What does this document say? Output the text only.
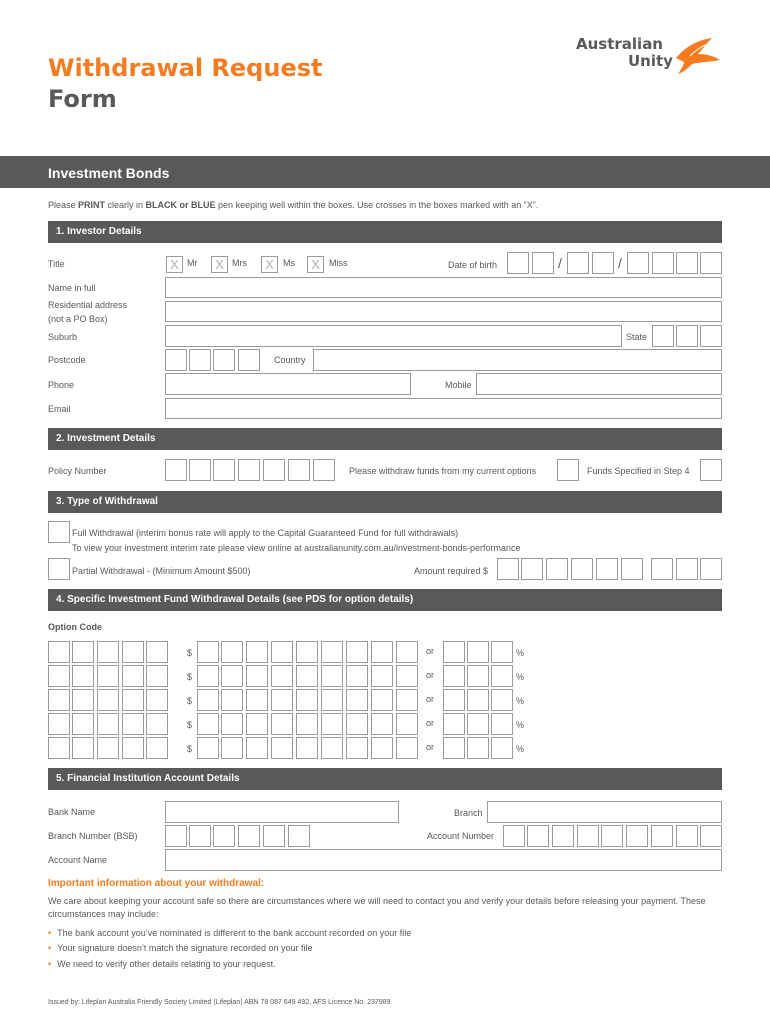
Withdrawal Request
Form
Australian
Unity
Investment Bonds
Please PRINT clearly in BLACK or BLUE pen keeping well within the boxes. Use crosses in the boxes marked with an “X”.
1. Investor Details
Title	X Mr	X Mrs	X	Ms	X	Miss	Date of birth	/	/
Name in full
Residential address
(not a PO Box)
Suburb	State
Postcode	Country
Phone	Mobile
Email
2. Investment Details
Policy Number	Please withdraw funds from my current options	Funds Specified in Step 4
3. Type of Withdrawal
Full Withdrawal (interim bonus rate will apply to the Capital Guaranteed Fund for full withdrawals)
To view your investment interim rate please view online at australianunity.com.au/investment-bonds-performance
Partial Withdrawal - (Minimum Amount $500)	Amount required $
4. Specific Investment Fund Withdrawal Details (see PDS for option details)
Option Code
$	or	%
$	or	%
$	or	%
$	or	%
$	or	%
5. Financial Institution Account Details
Bank Name	Branch
Branch Number (BSB)	Account Number
Account Name
Important information about your withdrawal:
We care about keeping your account safe so there are circumstances where we will need to contact you and verify your details before releasing your payment. These circumstances may include:
• The bank account you’ve nominated is different to the bank account recorded on your file
• Your signature doesn’t match the signature recorded on your file
• We need to verify other details relating to your request.
Issued by: Lifeplan Australia Friendly Society Limited (Lifeplan) ABN 78 087 649 492, AFS Licence No. 237989
